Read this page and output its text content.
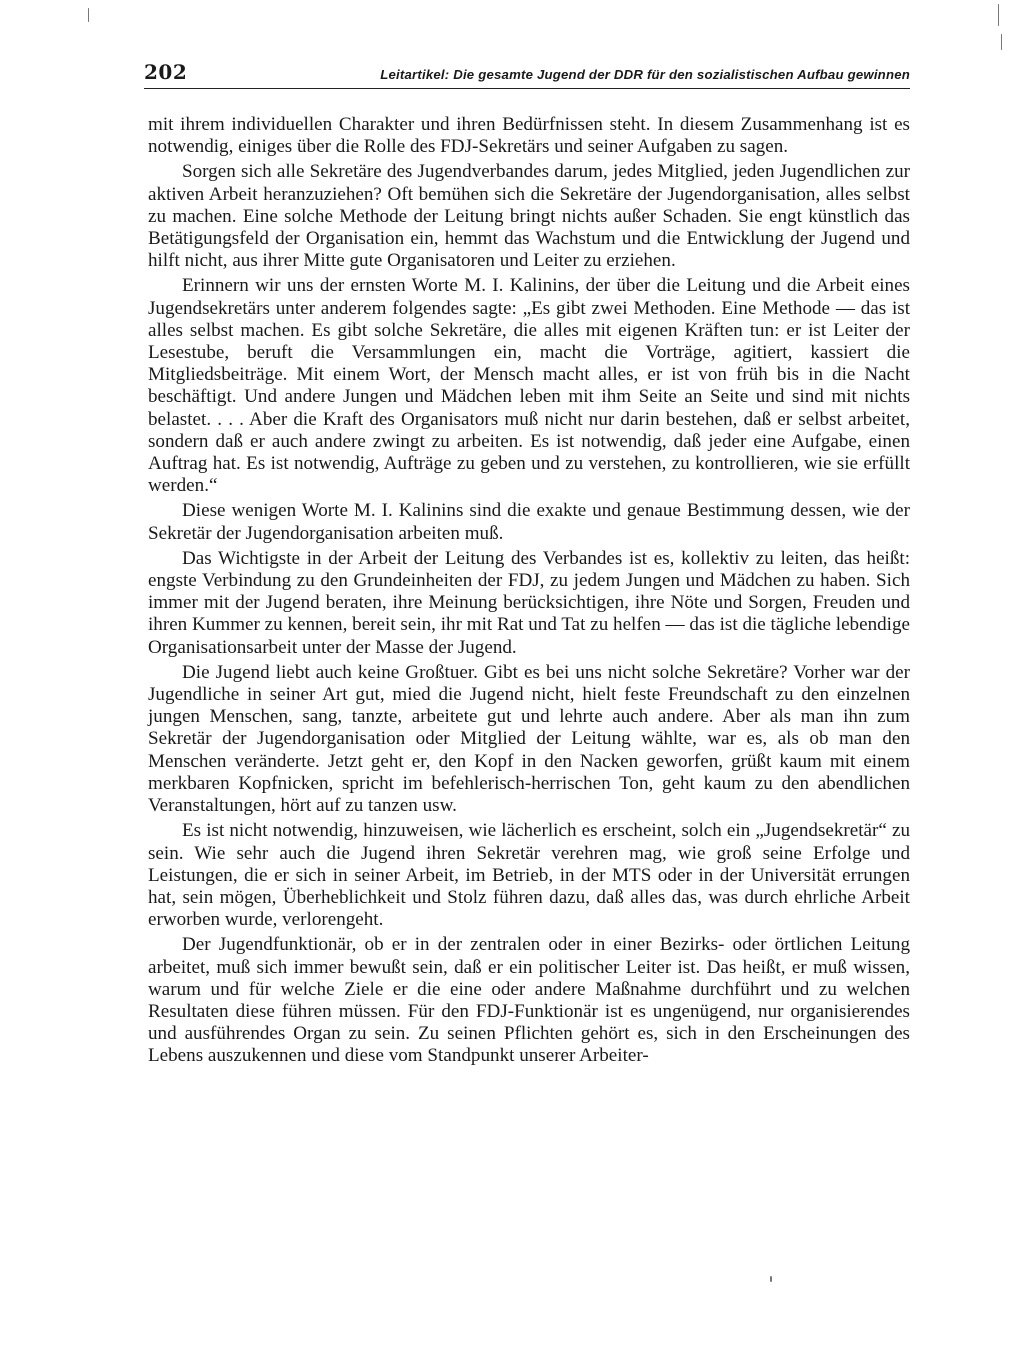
202	Leitartikel: Die gesamte Jugend der DDR für den sozialistischen Aufbau gewinnen

mit ihrem individuellen Charakter und ihren Bedürfnissen steht. In diesem Zusammenhang ist es notwendig, einiges über die Rolle des FDJ-Sekretärs und seiner Aufgaben zu sagen.

Sorgen sich alle Sekretäre des Jugendverbandes darum, jedes Mitglied, jeden Jugendlichen zur aktiven Arbeit heranzuziehen? Oft bemühen sich die Sekretäre der Jugendorganisation, alles selbst zu machen. Eine solche Methode der Leitung bringt nichts außer Schaden. Sie engt künstlich das Betätigungsfeld der Organisation ein, hemmt das Wachstum und die Entwicklung der Jugend und hilft nicht, aus ihrer Mitte gute Organisatoren und Leiter zu erziehen.

Erinnern wir uns der ernsten Worte M. I. Kalinins, der über die Leitung und die Arbeit eines Jugendsekretärs unter anderem folgendes sagte: „Es gibt zwei Methoden. Eine Methode — das ist alles selbst machen. Es gibt solche Sekretäre, die alles mit eigenen Kräften tun: er ist Leiter der Lesestube, beruft die Versammlungen ein, macht die Vorträge, agitiert, kassiert die Mitgliedsbeiträge. Mit einem Wort, der Mensch macht alles, er ist von früh bis in die Nacht beschäftigt. Und andere Jungen und Mädchen leben mit ihm Seite an Seite und sind mit nichts belastet. . . . Aber die Kraft des Organisators muß nicht nur darin bestehen, daß er selbst arbeitet, sondern daß er auch andere zwingt zu arbeiten. Es ist notwendig, daß jeder eine Aufgabe, einen Auftrag hat. Es ist notwendig, Aufträge zu geben und zu verstehen, zu kontrollieren, wie sie erfüllt werden.“

Diese wenigen Worte M. I. Kalinins sind die exakte und genaue Bestimmung dessen, wie der Sekretär der Jugendorganisation arbeiten muß.

Das Wichtigste in der Arbeit der Leitung des Verbandes ist es, kollektiv zu leiten, das heißt: engste Verbindung zu den Grundeinheiten der FDJ, zu jedem Jungen und Mädchen zu haben. Sich immer mit der Jugend beraten, ihre Meinung berücksichtigen, ihre Nöte und Sorgen, Freuden und ihren Kummer zu kennen, bereit sein, ihr mit Rat und Tat zu helfen — das ist die tägliche lebendige Organisationsarbeit unter der Masse der Jugend.

Die Jugend liebt auch keine Großtuer. Gibt es bei uns nicht solche Sekretäre? Vorher war der Jugendliche in seiner Art gut, mied die Jugend nicht, hielt feste Freundschaft zu den einzelnen jungen Menschen, sang, tanzte, arbeitete gut und lehrte auch andere. Aber als man ihn zum Sekretär der Jugendorganisation oder Mitglied der Leitung wählte, war es, als ob man den Menschen veränderte. Jetzt geht er, den Kopf in den Nacken geworfen, grüßt kaum mit einem merkbaren Kopfnicken, spricht im befehlerisch-herrischen Ton, geht kaum zu den abendlichen Veranstaltungen, hört auf zu tanzen usw.

Es ist nicht notwendig, hinzuweisen, wie lächerlich es erscheint, solch ein „Jugendsekretär“ zu sein. Wie sehr auch die Jugend ihren Sekretär verehren mag, wie groß seine Erfolge und Leistungen, die er sich in seiner Arbeit, im Betrieb, in der MTS oder in der Universität errungen hat, sein mögen, Überheblichkeit und Stolz führen dazu, daß alles das, was durch ehrliche Arbeit erworben wurde, verlorengeht.

Der Jugendfunktionär, ob er in der zentralen oder in einer Bezirks- oder örtlichen Leitung arbeitet, muß sich immer bewußt sein, daß er ein politischer Leiter ist. Das heißt, er muß wissen, warum und für welche Ziele er die eine oder andere Maßnahme durchführt und zu welchen Resultaten diese führen müssen. Für den FDJ-Funktionär ist es ungenügend, nur organisierendes und ausführendes Organ zu sein. Zu seinen Pflichten gehört es, sich in den Erscheinungen des Lebens auszukennen und diese vom Standpunkt unserer Arbeiter-
